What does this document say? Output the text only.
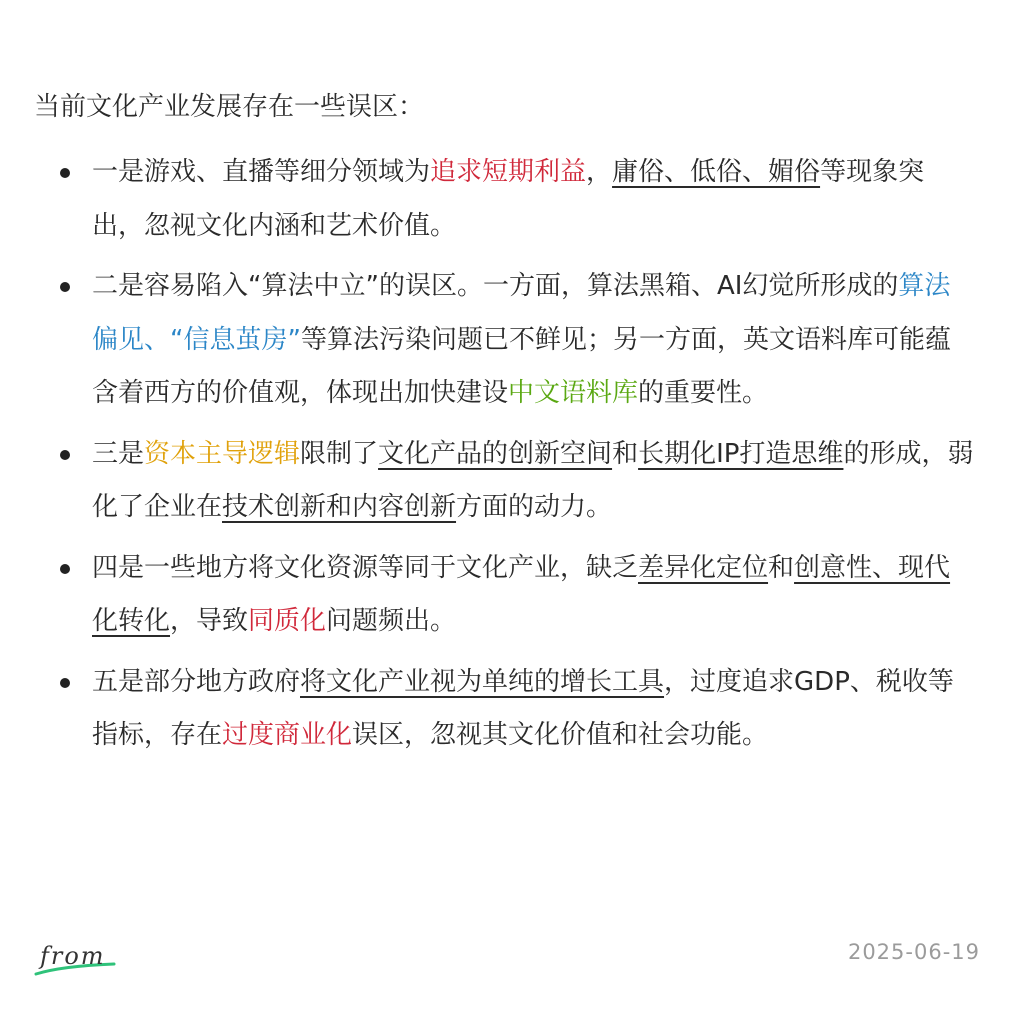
当前文化产业发展存在一些误区：

一是游戏、直播等细分领域为追求短期利益，庸俗、低俗、媚俗等现象突出，忽视文化内涵和艺术价值。
二是容易陷入“算法中立”的误区。一方面，算法黑箱、AI幻觉所形成的算法偏见、“信息茧房”等算法污染问题已不鲜见；另一方面，英文语料库可能蕴含着西方的价值观，体现出加快建设中文语料库的重要性。
三是资本主导逻辑限制了文化产品的创新空间和长期化IP打造思维的形成，弱化了企业在技术创新和内容创新方面的动力。
四是一些地方将文化资源等同于文化产业，缺乏差异化定位和创意性、现代化转化，导致同质化问题频出。
五是部分地方政府将文化产业视为单纯的增长工具，过度追求GDP、税收等指标，存在过度商业化误区，忽视其文化价值和社会功能。
from	2025-06-19
